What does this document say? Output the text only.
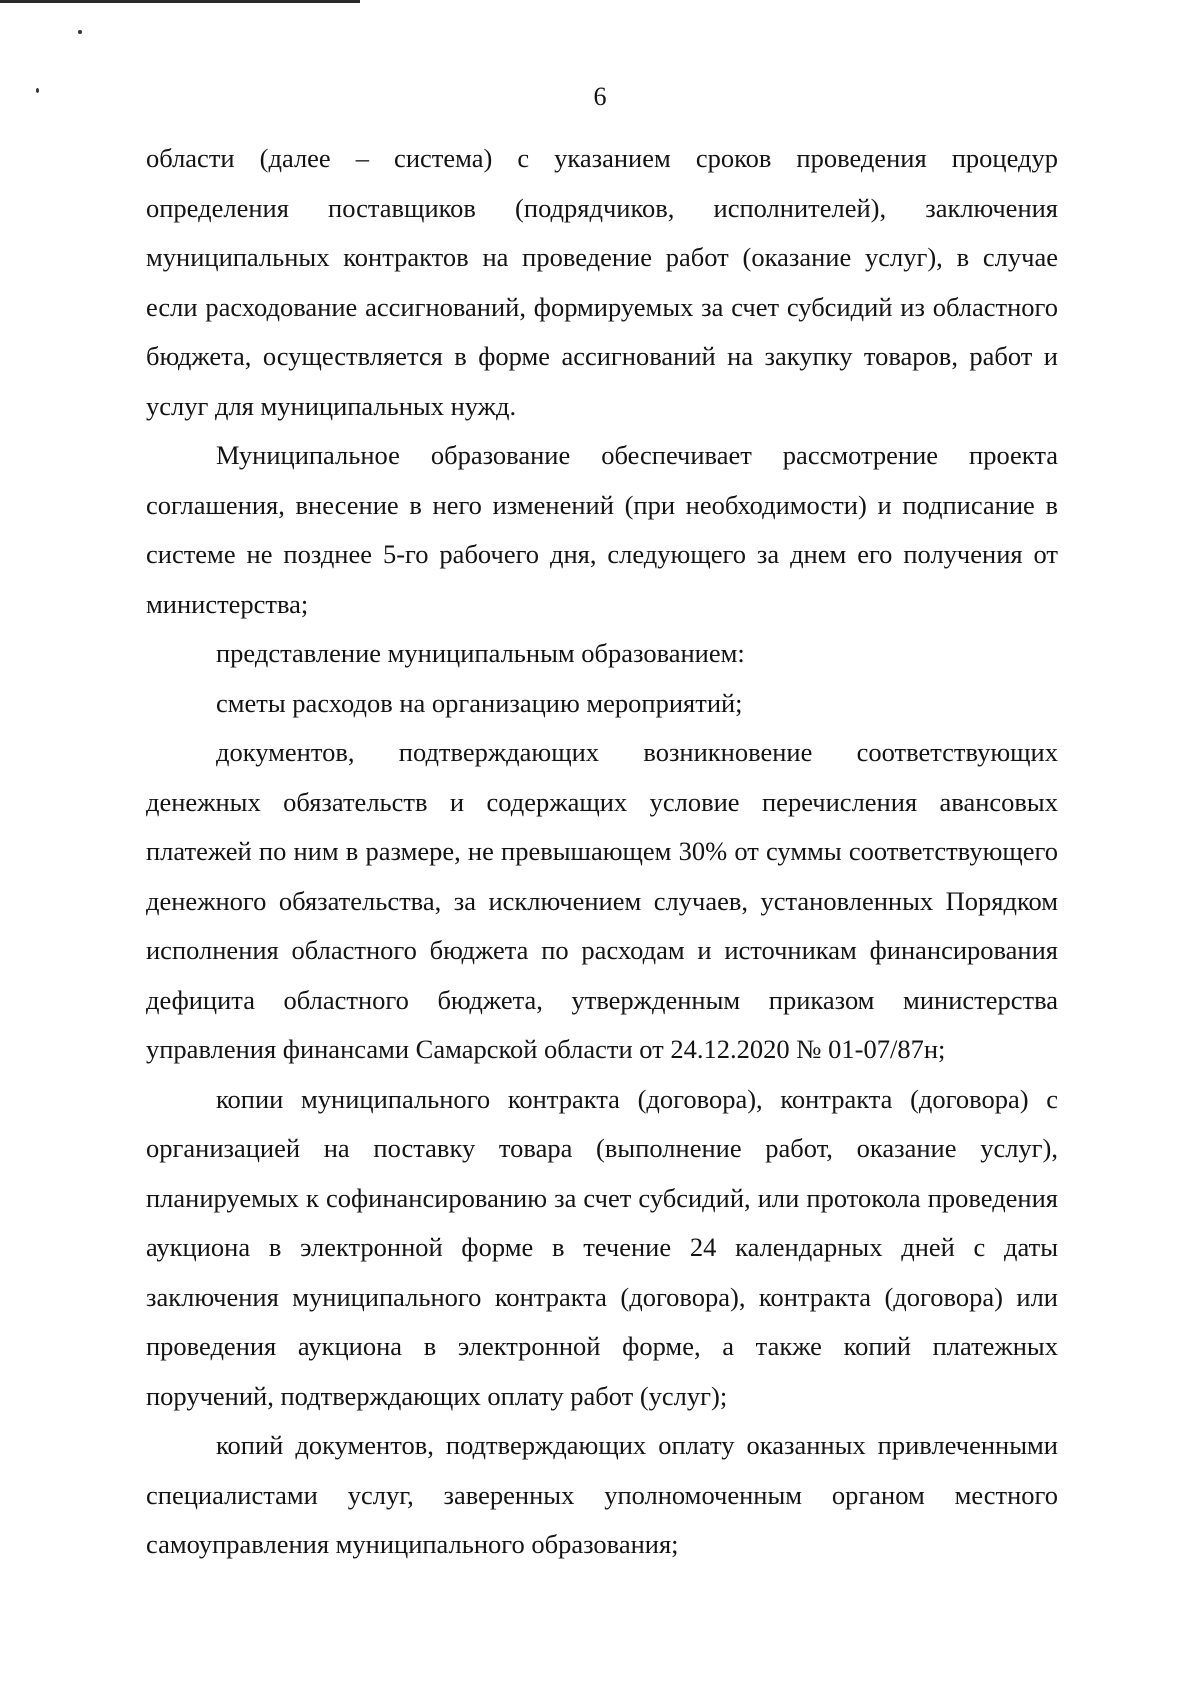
6

области (далее – система) с указанием сроков проведения процедур определения поставщиков (подрядчиков, исполнителей), заключения муниципальных контрактов на проведение работ (оказание услуг), в случае если расходование ассигнований, формируемых за счет субсидий из областного бюджета, осуществляется в форме ассигнований на закупку товаров, работ и услуг для муниципальных нужд.

Муниципальное образование обеспечивает рассмотрение проекта соглашения, внесение в него изменений (при необходимости) и подписание в системе не позднее 5-го рабочего дня, следующего за днем его получения от министерства;

представление муниципальным образованием:

сметы расходов на организацию мероприятий;

документов, подтверждающих возникновение соответствующих денежных обязательств и содержащих условие перечисления авансовых платежей по ним в размере, не превышающем 30% от суммы соответствующего денежного обязательства, за исключением случаев, установленных Порядком исполнения областного бюджета по расходам и источникам финансирования дефицита областного бюджета, утвержденным приказом министерства управления финансами Самарской области от 24.12.2020 № 01-07/87н;

копии муниципального контракта (договора), контракта (договора) с организацией на поставку товара (выполнение работ, оказание услуг), планируемых к софинансированию за счет субсидий, или протокола проведения аукциона в электронной форме в течение 24 календарных дней с даты заключения муниципального контракта (договора), контракта (договора) или проведения аукциона в электронной форме, а также копий платежных поручений, подтверждающих оплату работ (услуг);

копий документов, подтверждающих оплату оказанных привлеченными специалистами услуг, заверенных уполномоченным органом местного самоуправления муниципального образования;
